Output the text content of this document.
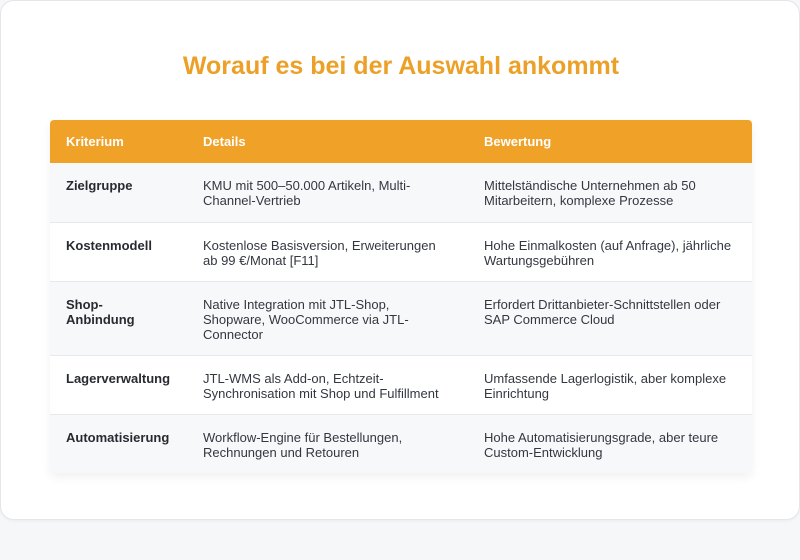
Worauf es bei der Auswahl ankommt
Kriterium	Details	Bewertung
Zielgruppe	KMU mit 500–50.000 Artikeln, Multi-Channel-Vertrieb	Mittelständische Unternehmen ab 50 Mitarbeitern, komplexe Prozesse
Kostenmodell	Kostenlose Basisversion, Erweiterungen ab 99 €/Monat [F11]	Hohe Einmalkosten (auf Anfrage), jährliche Wartungsgebühren
Shop-Anbindung	Native Integration mit JTL-Shop, Shopware, WooCommerce via JTL-Connector	Erfordert Drittanbieter-Schnittstellen oder SAP Commerce Cloud
Lagerverwaltung	JTL-WMS als Add-on, Echtzeit-Synchronisation mit Shop und Fulfillment	Umfassende Lagerlogistik, aber komplexe Einrichtung
Automatisierung	Workflow-Engine für Bestellungen, Rechnungen und Retouren	Hohe Automatisierungsgrade, aber teure Custom-Entwicklung
